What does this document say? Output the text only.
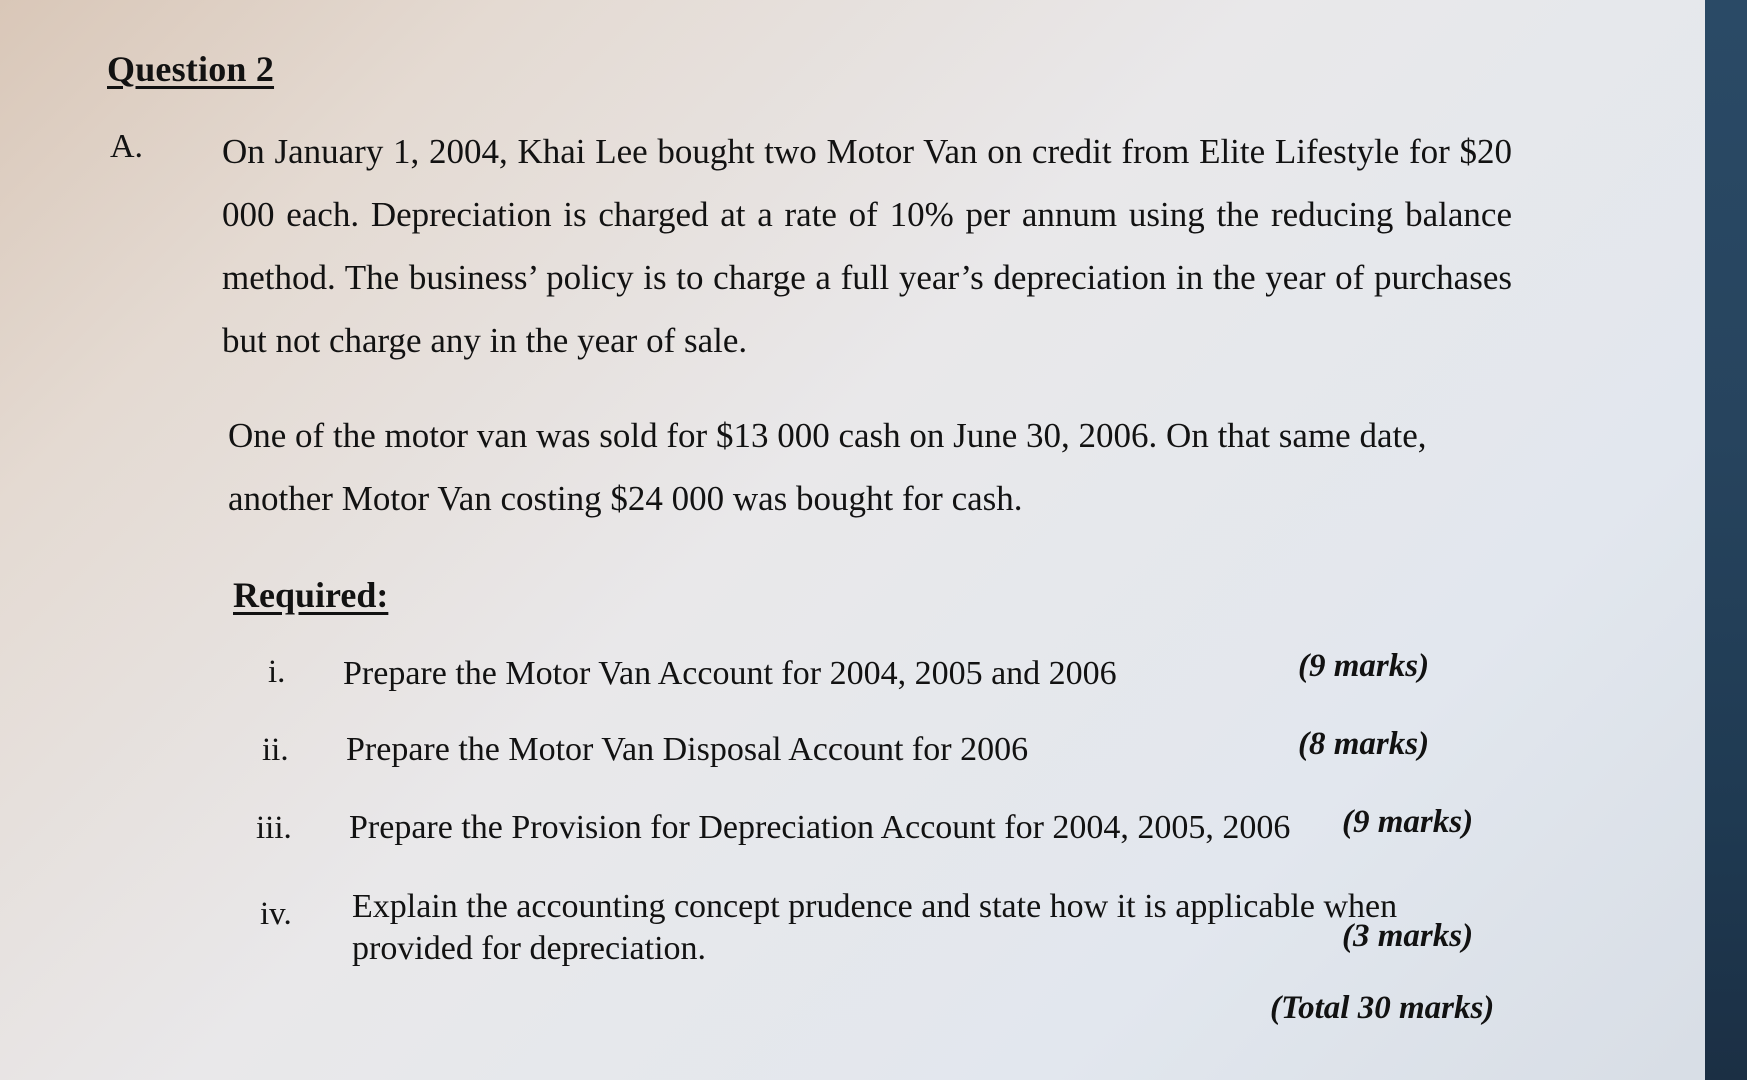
Question 2
A. On January 1, 2004, Khai Lee bought two Motor Van on credit from Elite Lifestyle for $20 000 each. Depreciation is charged at a rate of 10% per annum using the reducing balance method. The business’ policy is to charge a full year’s depreciation in the year of purchases but not charge any in the year of sale.
One of the motor van was sold for $13 000 cash on June 30, 2006. On that same date, another Motor Van costing $24 000 was bought for cash.
Required:
i. Prepare the Motor Van Account for 2004, 2005 and 2006	(9 marks)
ii. Prepare the Motor Van Disposal Account for 2006	(8 marks)
iii. Prepare the Provision for Depreciation Account for 2004, 2005, 2006 (9 marks)
iv. Explain the accounting concept prudence and state how it is applicable when provided for depreciation.	(3 marks)
(Total 30 marks)
